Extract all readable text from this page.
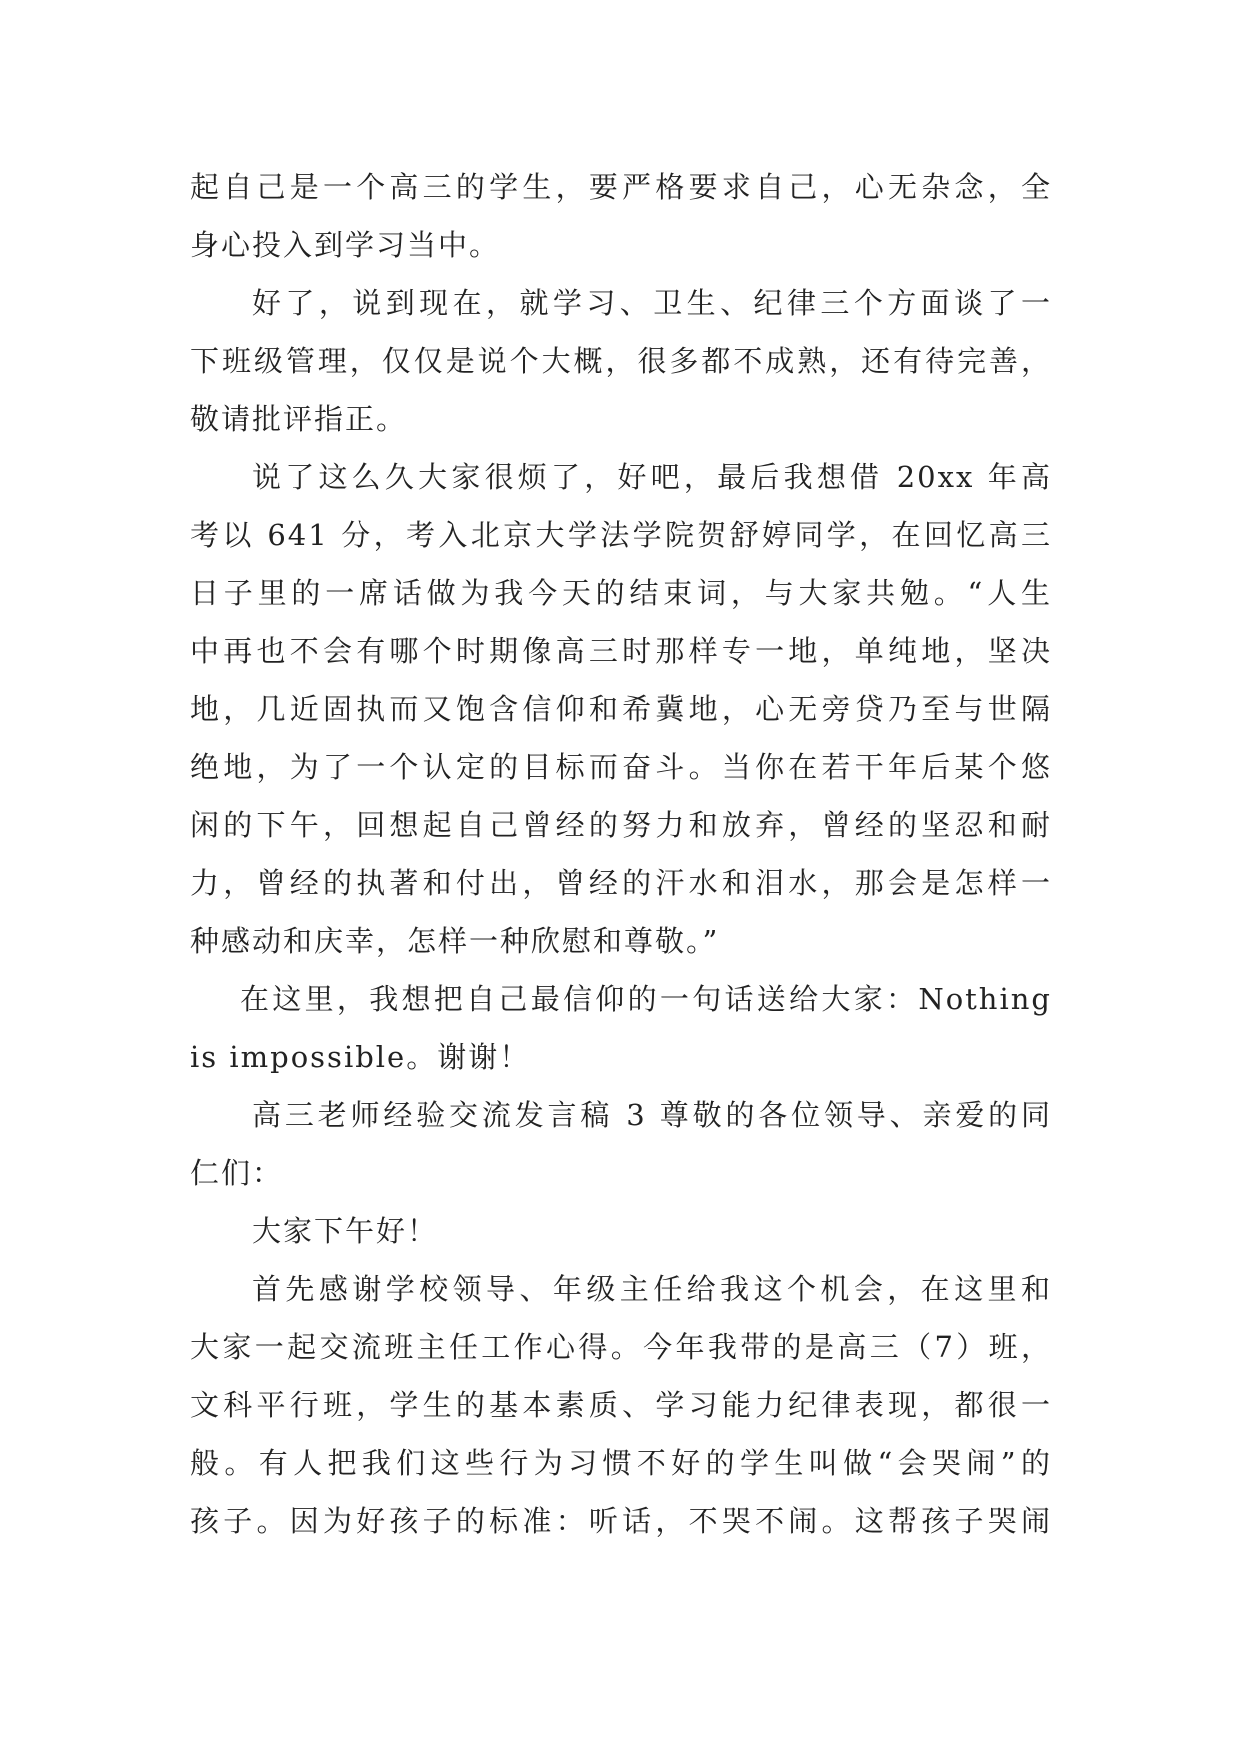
起自己是一个高三的学生，要严格要求自己，心无杂念，全
身心投入到学习当中。
好了，说到现在，就学习、卫生、纪律三个方面谈了一
下班级管理，仅仅是说个大概，很多都不成熟，还有待完善，
敬请批评指正。
说了这么久大家很烦了，好吧，最后我想借 20xx 年高
考以 641 分，考入北京大学法学院贺舒婷同学，在回忆高三
日子里的一席话做为我今天的结束词，与大家共勉。“人生
中再也不会有哪个时期像高三时那样专一地，单纯地，坚决
地，几近固执而又饱含信仰和希冀地，心无旁贷乃至与世隔
绝地，为了一个认定的目标而奋斗。当你在若干年后某个悠
闲的下午，回想起自己曾经的努力和放弃，曾经的坚忍和耐
力，曾经的执著和付出，曾经的汗水和泪水，那会是怎样一
种感动和庆幸，怎样一种欣慰和尊敬。”
在这里，我想把自己最信仰的一句话送给大家：Nothing
is impossible。谢谢！
高三老师经验交流发言稿 3 尊敬的各位领导、亲爱的同
仁们：
大家下午好！
首先感谢学校领导、年级主任给我这个机会，在这里和
大家一起交流班主任工作心得。今年我带的是高三（7）班，
文科平行班，学生的基本素质、学习能力纪律表现，都很一
般。有人把我们这些行为习惯不好的学生叫做“会哭闹”的
孩子。因为好孩子的标准：听话，不哭不闹。这帮孩子哭闹
